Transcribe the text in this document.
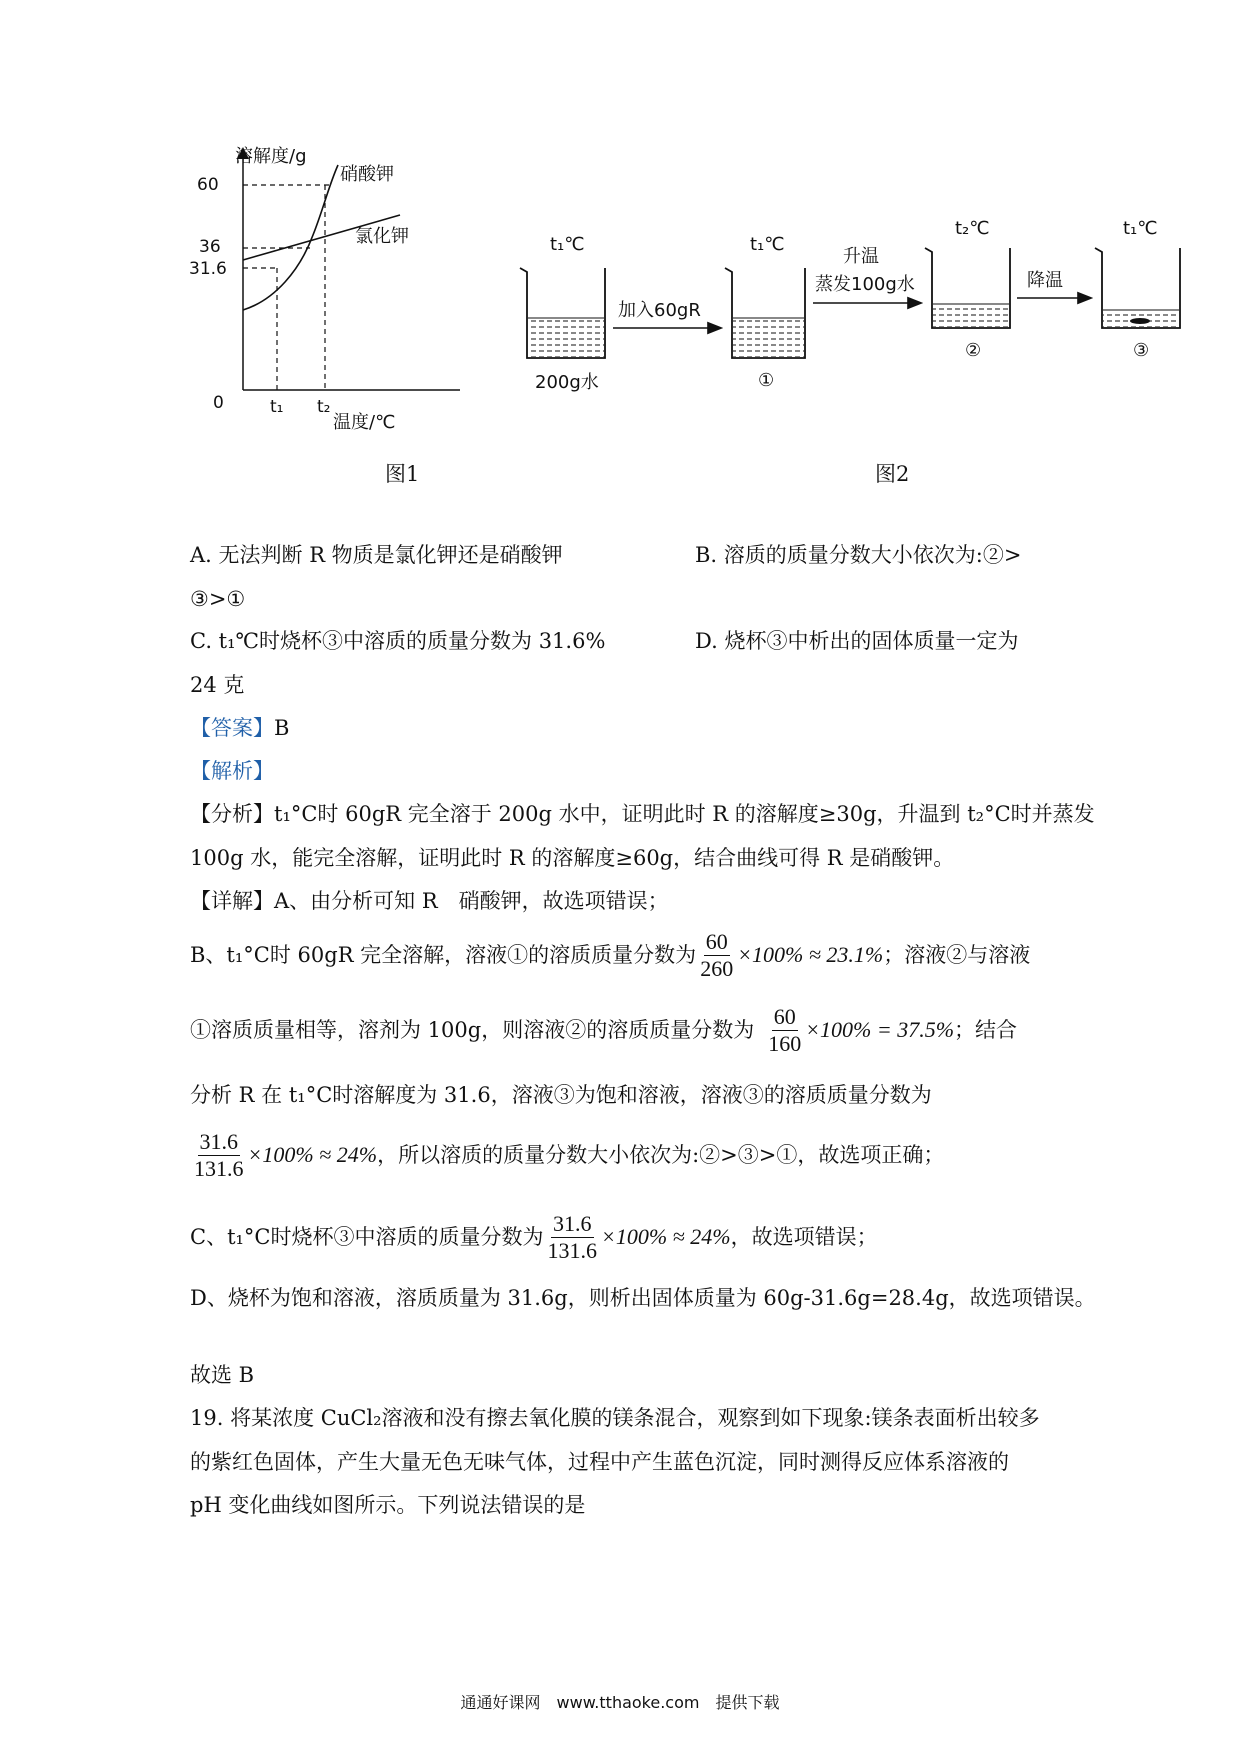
溶解度/g
60
36
31.6
硝酸钾
氯化钾
0	t₁ t₂
温度/℃
图1
t₁℃
200g水
加入60gR
t₁℃
①
升温
蒸发100g水
t₂℃
②
降温
t₁℃
③
图2
A. 无法判断 R 物质是氯化钾还是硝酸钾	B. 溶质的质量分数大小依次为:②>
③>①
C. t₁℃时烧杯③中溶质的质量分数为 31.6%	D. 烧杯③中析出的固体质量一定为
24 克
【答案】B
【解析】
【分析】t₁°C时 60gR 完全溶于 200g 水中，证明此时 R 的溶解度≥30g，升温到 t₂°C时并蒸发
100g 水，能完全溶解，证明此时 R 的溶解度≥60g，结合曲线可得 R 是硝酸钾。
【详解】A、由分析可知 R　硝酸钾，故选项错误；
B、t₁°C时 60gR 完全溶解，溶液①的溶质质量分数为 $\frac{60}{260} \times 100\% \approx 23.1\%$ ；溶液②与溶液
①溶质质量相等，溶剂为 100g，则溶液②的溶质质量分数为 $\frac{60}{160} \times 100\% = 37.5\%$ ；结合
分析 R 在 t₁°C时溶解度为 31.6，溶液③为饱和溶液，溶液③的溶质质量分数为
$\frac{31.6}{131.6} \times 100\% \approx 24\%$ ，所以溶质的质量分数大小依次为:②>③>①，故选项正确；
C、t₁°C时烧杯③中溶质的质量分数为 $\frac{31.6}{131.6} \times 100\% \approx 24\%$ ，故选项错误；
D、烧杯为饱和溶液，溶质质量为 31.6g，则析出固体质量为 60g-31.6g=28.4g，故选项错误。
故选 B
19. 将某浓度 CuCl₂溶液和没有擦去氧化膜的镁条混合，观察到如下现象:镁条表面析出较多
的紫红色固体，产生大量无色无味气体，过程中产生蓝色沉淀，同时测得反应体系溶液的
pH 变化曲线如图所示。下列说法错误的是
通通好课网　www.tthaoke.com　提供下载
